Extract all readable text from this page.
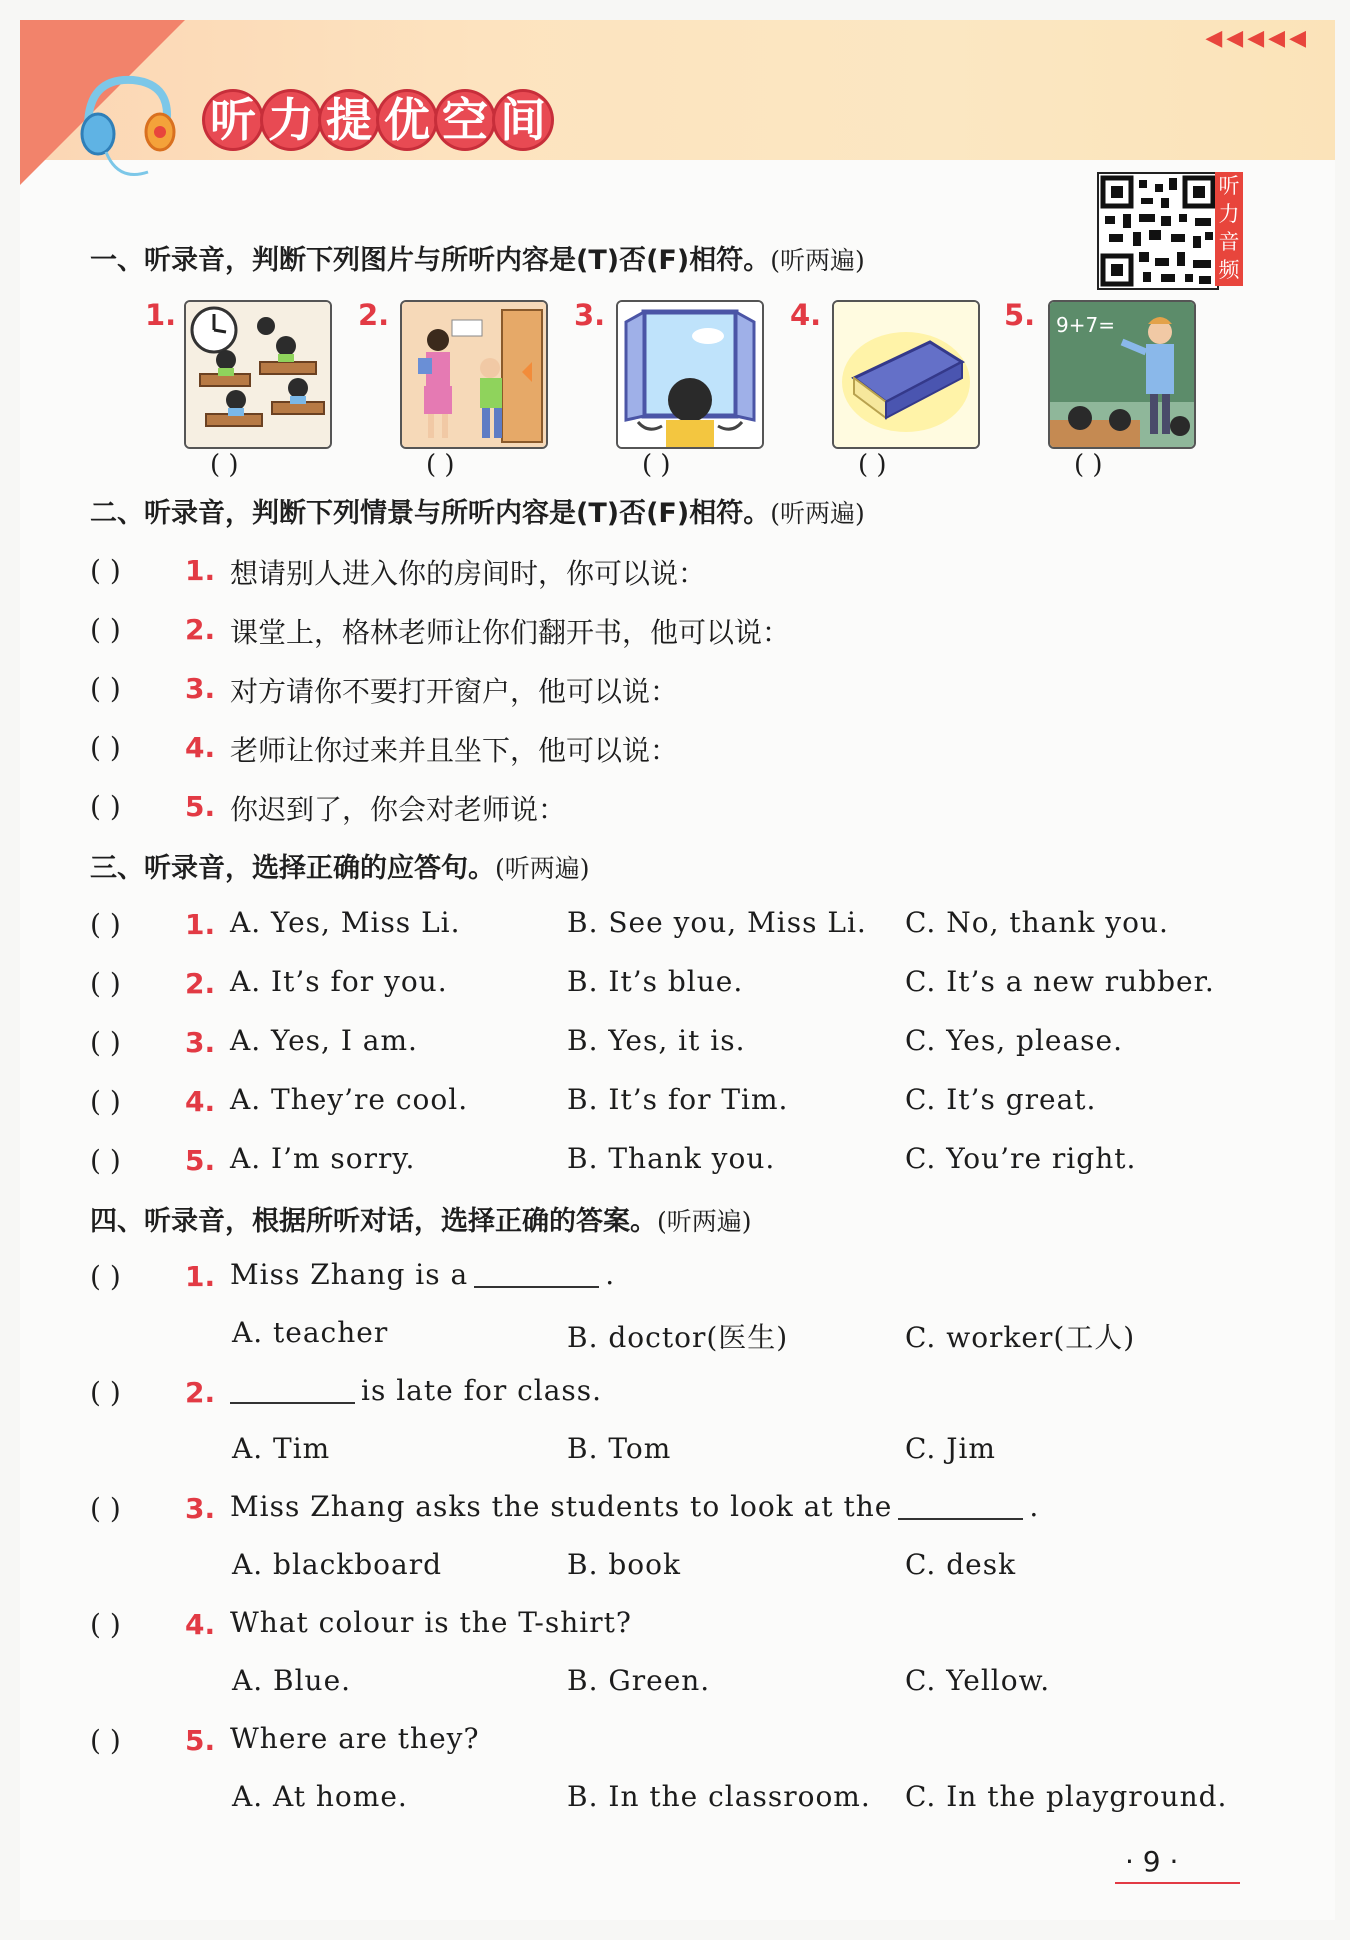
听 力 提 优 空 间
◀◀◀◀◀
听力音频
一、听录音，判断下列图片与所听内容是(T)否(F)相符。(听两遍)
1.
( )
2.
( )
3.
( )
4.
( )
5. 9+7=
( )
二、听录音，判断下列情景与所听内容是(T)否(F)相符。(听两遍)
( ) 1. 想请别人进入你的房间时，你可以说：
( ) 2. 课堂上，格林老师让你们翻开书，他可以说：
( ) 3. 对方请你不要打开窗户，他可以说：
( ) 4. 老师让你过来并且坐下，他可以说：
( ) 5. 你迟到了，你会对老师说：
三、听录音，选择正确的应答句。(听两遍)
( ) 1. A. Yes, Miss Li.	B. See you, Miss Li. C. No, thank you.
( ) 2. A. It’s for you.	B. It’s blue.	C. It’s a new rubber.
( ) 3. A. Yes, I am.	B. Yes, it is.	C. Yes, please.
( ) 4. A. They’re cool.	B. It’s for Tim.	C. It’s great.
( ) 5. A. I’m sorry.	B. Thank you.	C. You’re right.
四、听录音，根据所听对话，选择正确的答案。(听两遍)
( ) 1. Miss Zhang is a	.
A. teacher	B. doctor(医生)	C. worker(工人)
( ) 2.	is late for class.
A. Tim	B. Tom	C. Jim
( ) 3. Miss Zhang asks the students to look at the	.
A. blackboard	B. book	C. desk
( ) 4. What colour is the T-shirt?
A. Blue.	B. Green.	C. Yellow.
( ) 5. Where are they?
A. At home.	B. In the classroom. C. In the playground.
· 9 ·
